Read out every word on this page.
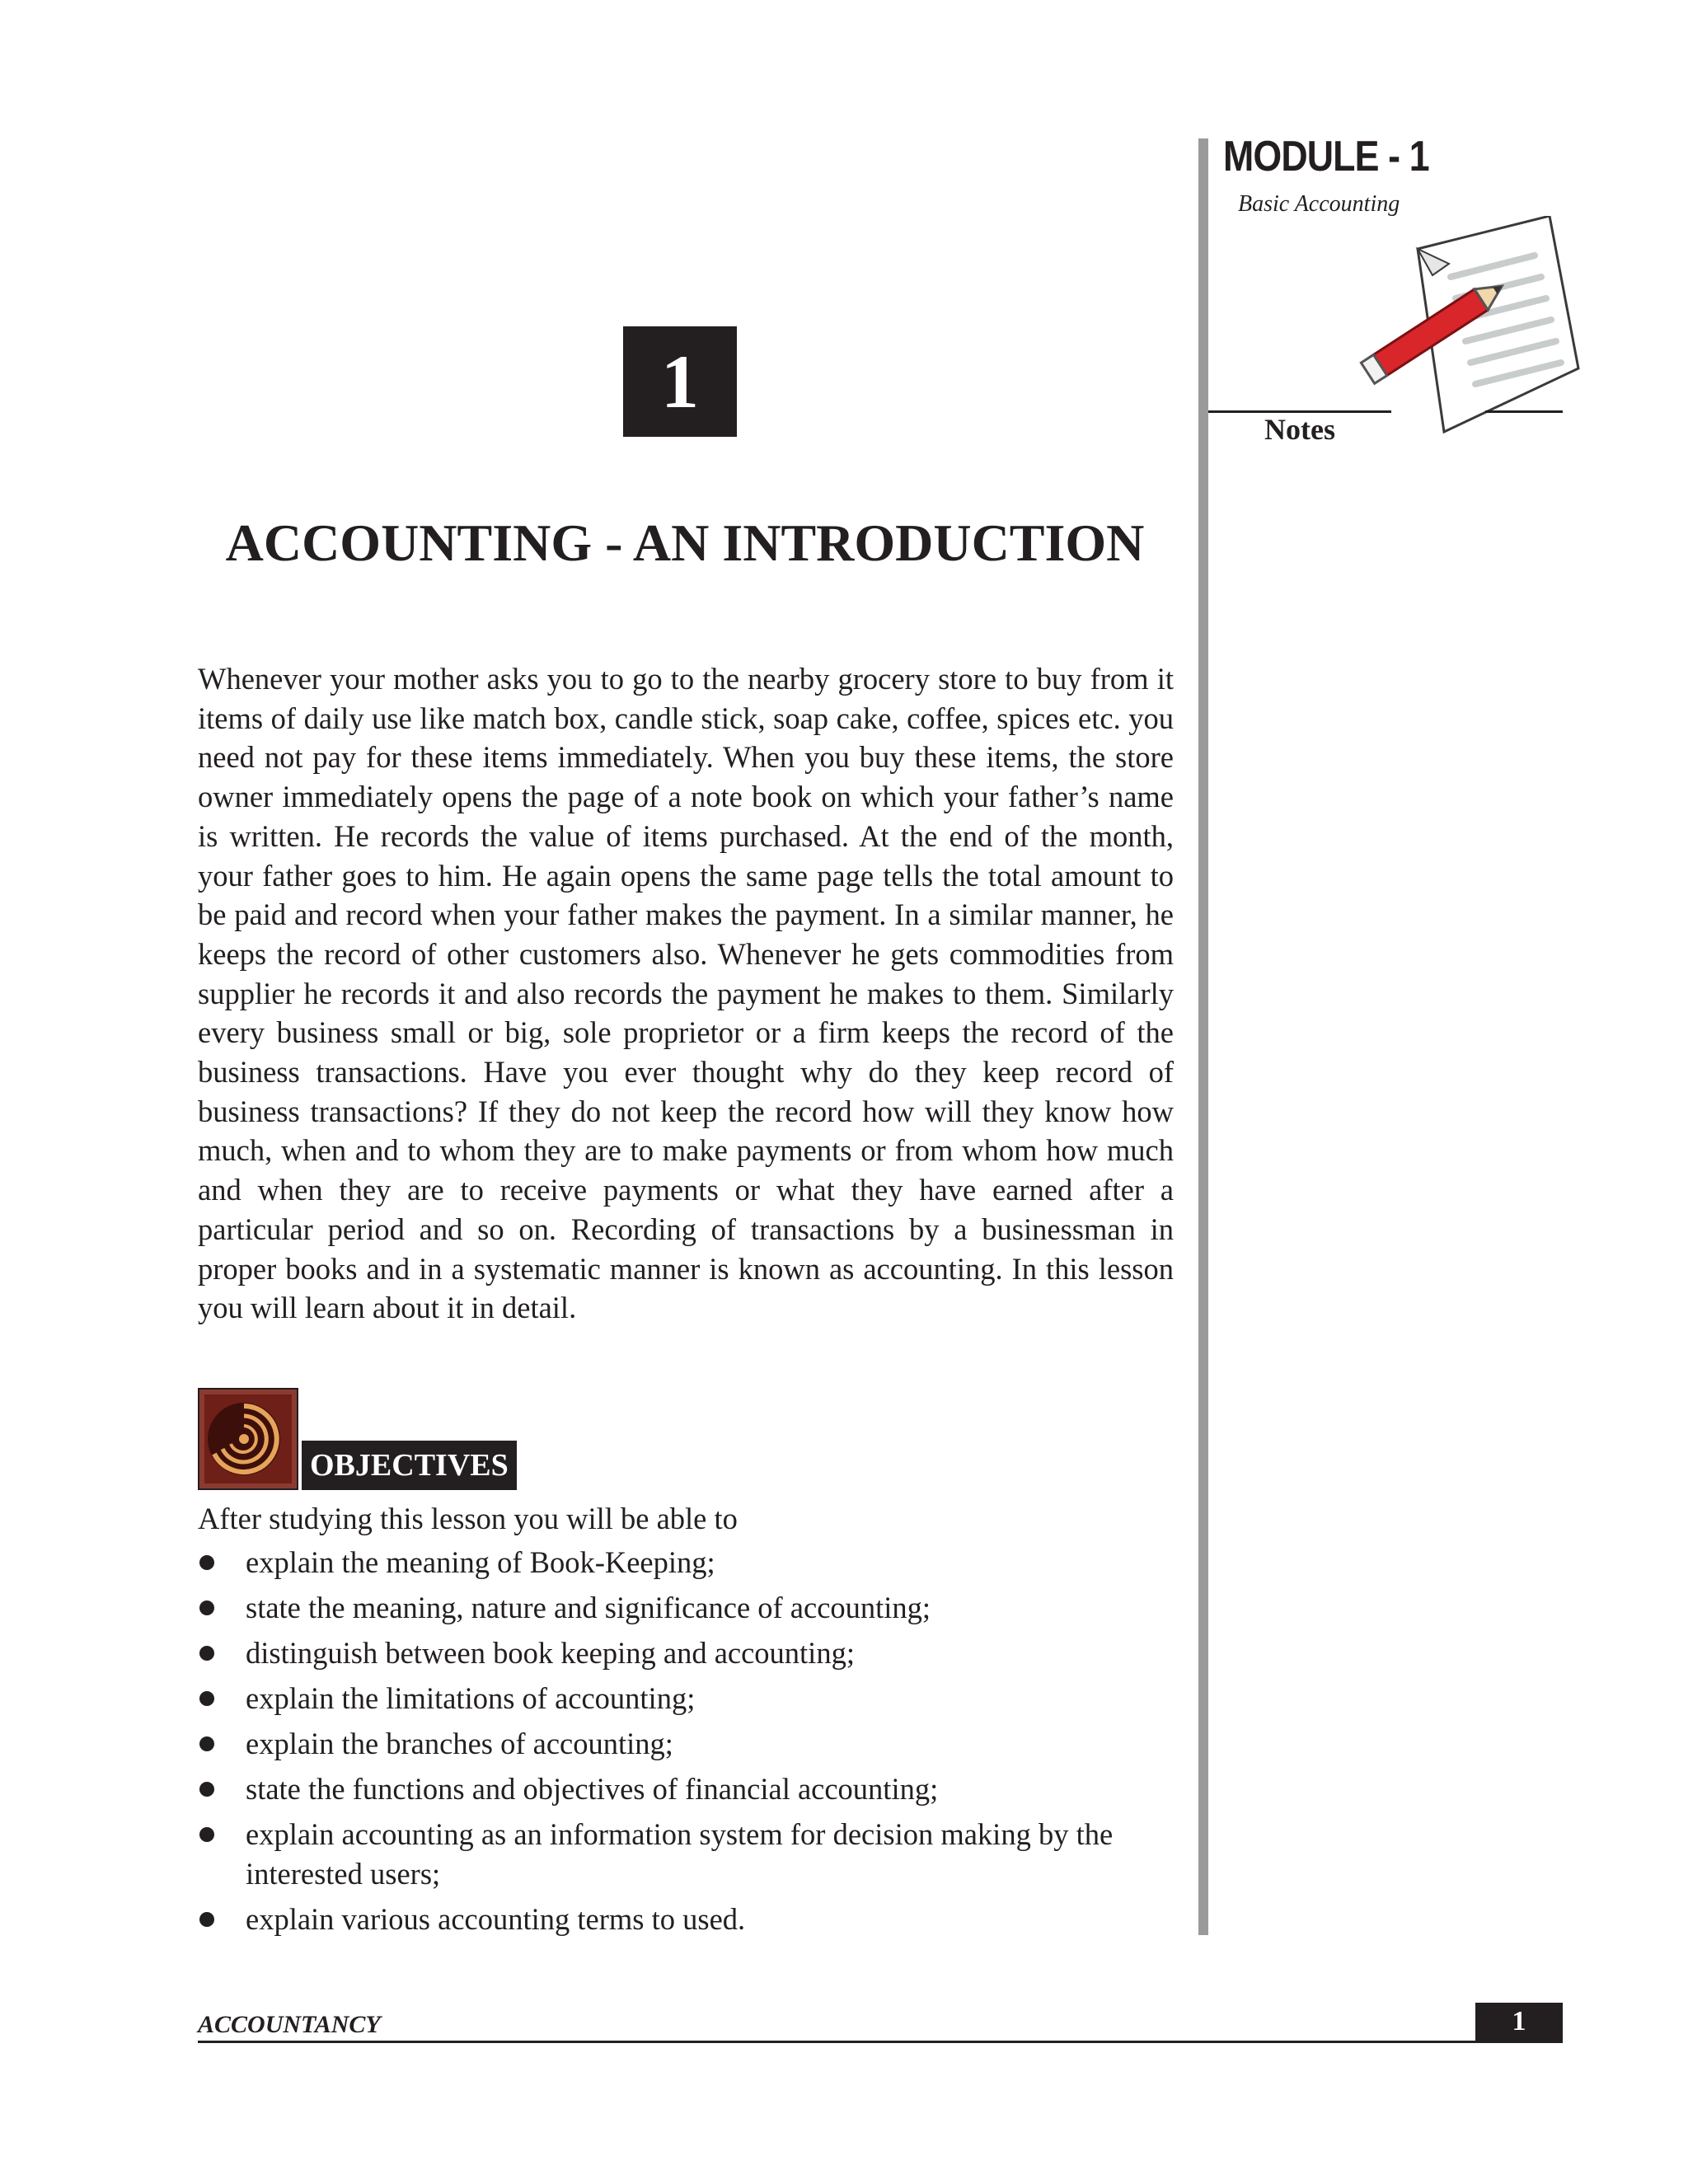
MODULE - 1
Basic Accounting
Notes
1
ACCOUNTING - AN INTRODUCTION

Whenever your mother asks you to go to the nearby grocery store to buy from it items of daily use like match box, candle stick, soap cake, coffee, spices etc. you need not pay for these items immediately. When you buy these items, the store owner immediately opens the page of a note book on which your father’s name is written. He records the value of items purchased. At the end of the month, your father goes to him. He again opens the same page tells the total amount to be paid and record when your father makes the payment. In a similar manner, he keeps the record of other customers also. Whenever he gets commodities from supplier he records it and also records the payment he makes to them. Similarly every business small or big, sole proprietor or a firm keeps the record of the business transactions. Have you ever thought why do they keep record of business transactions? If they do not keep the record how will they know how much, when and to whom they are to make payments or from whom how much and when they are to receive payments or what they have earned after a particular period and so on. Recording of transactions by a businessman in proper books and in a systematic manner is known as accounting. In this lesson you will learn about it in detail.

OBJECTIVES
After studying this lesson you will be able to
explain the meaning of Book-Keeping;
state the meaning, nature and significance of accounting;
distinguish between book keeping and accounting;
explain the limitations of accounting;
explain the branches of accounting;
state the functions and objectives of financial accounting;
explain accounting as an information system for decision making by the interested users;
explain various accounting terms to used.
ACCOUNTANCY	1
